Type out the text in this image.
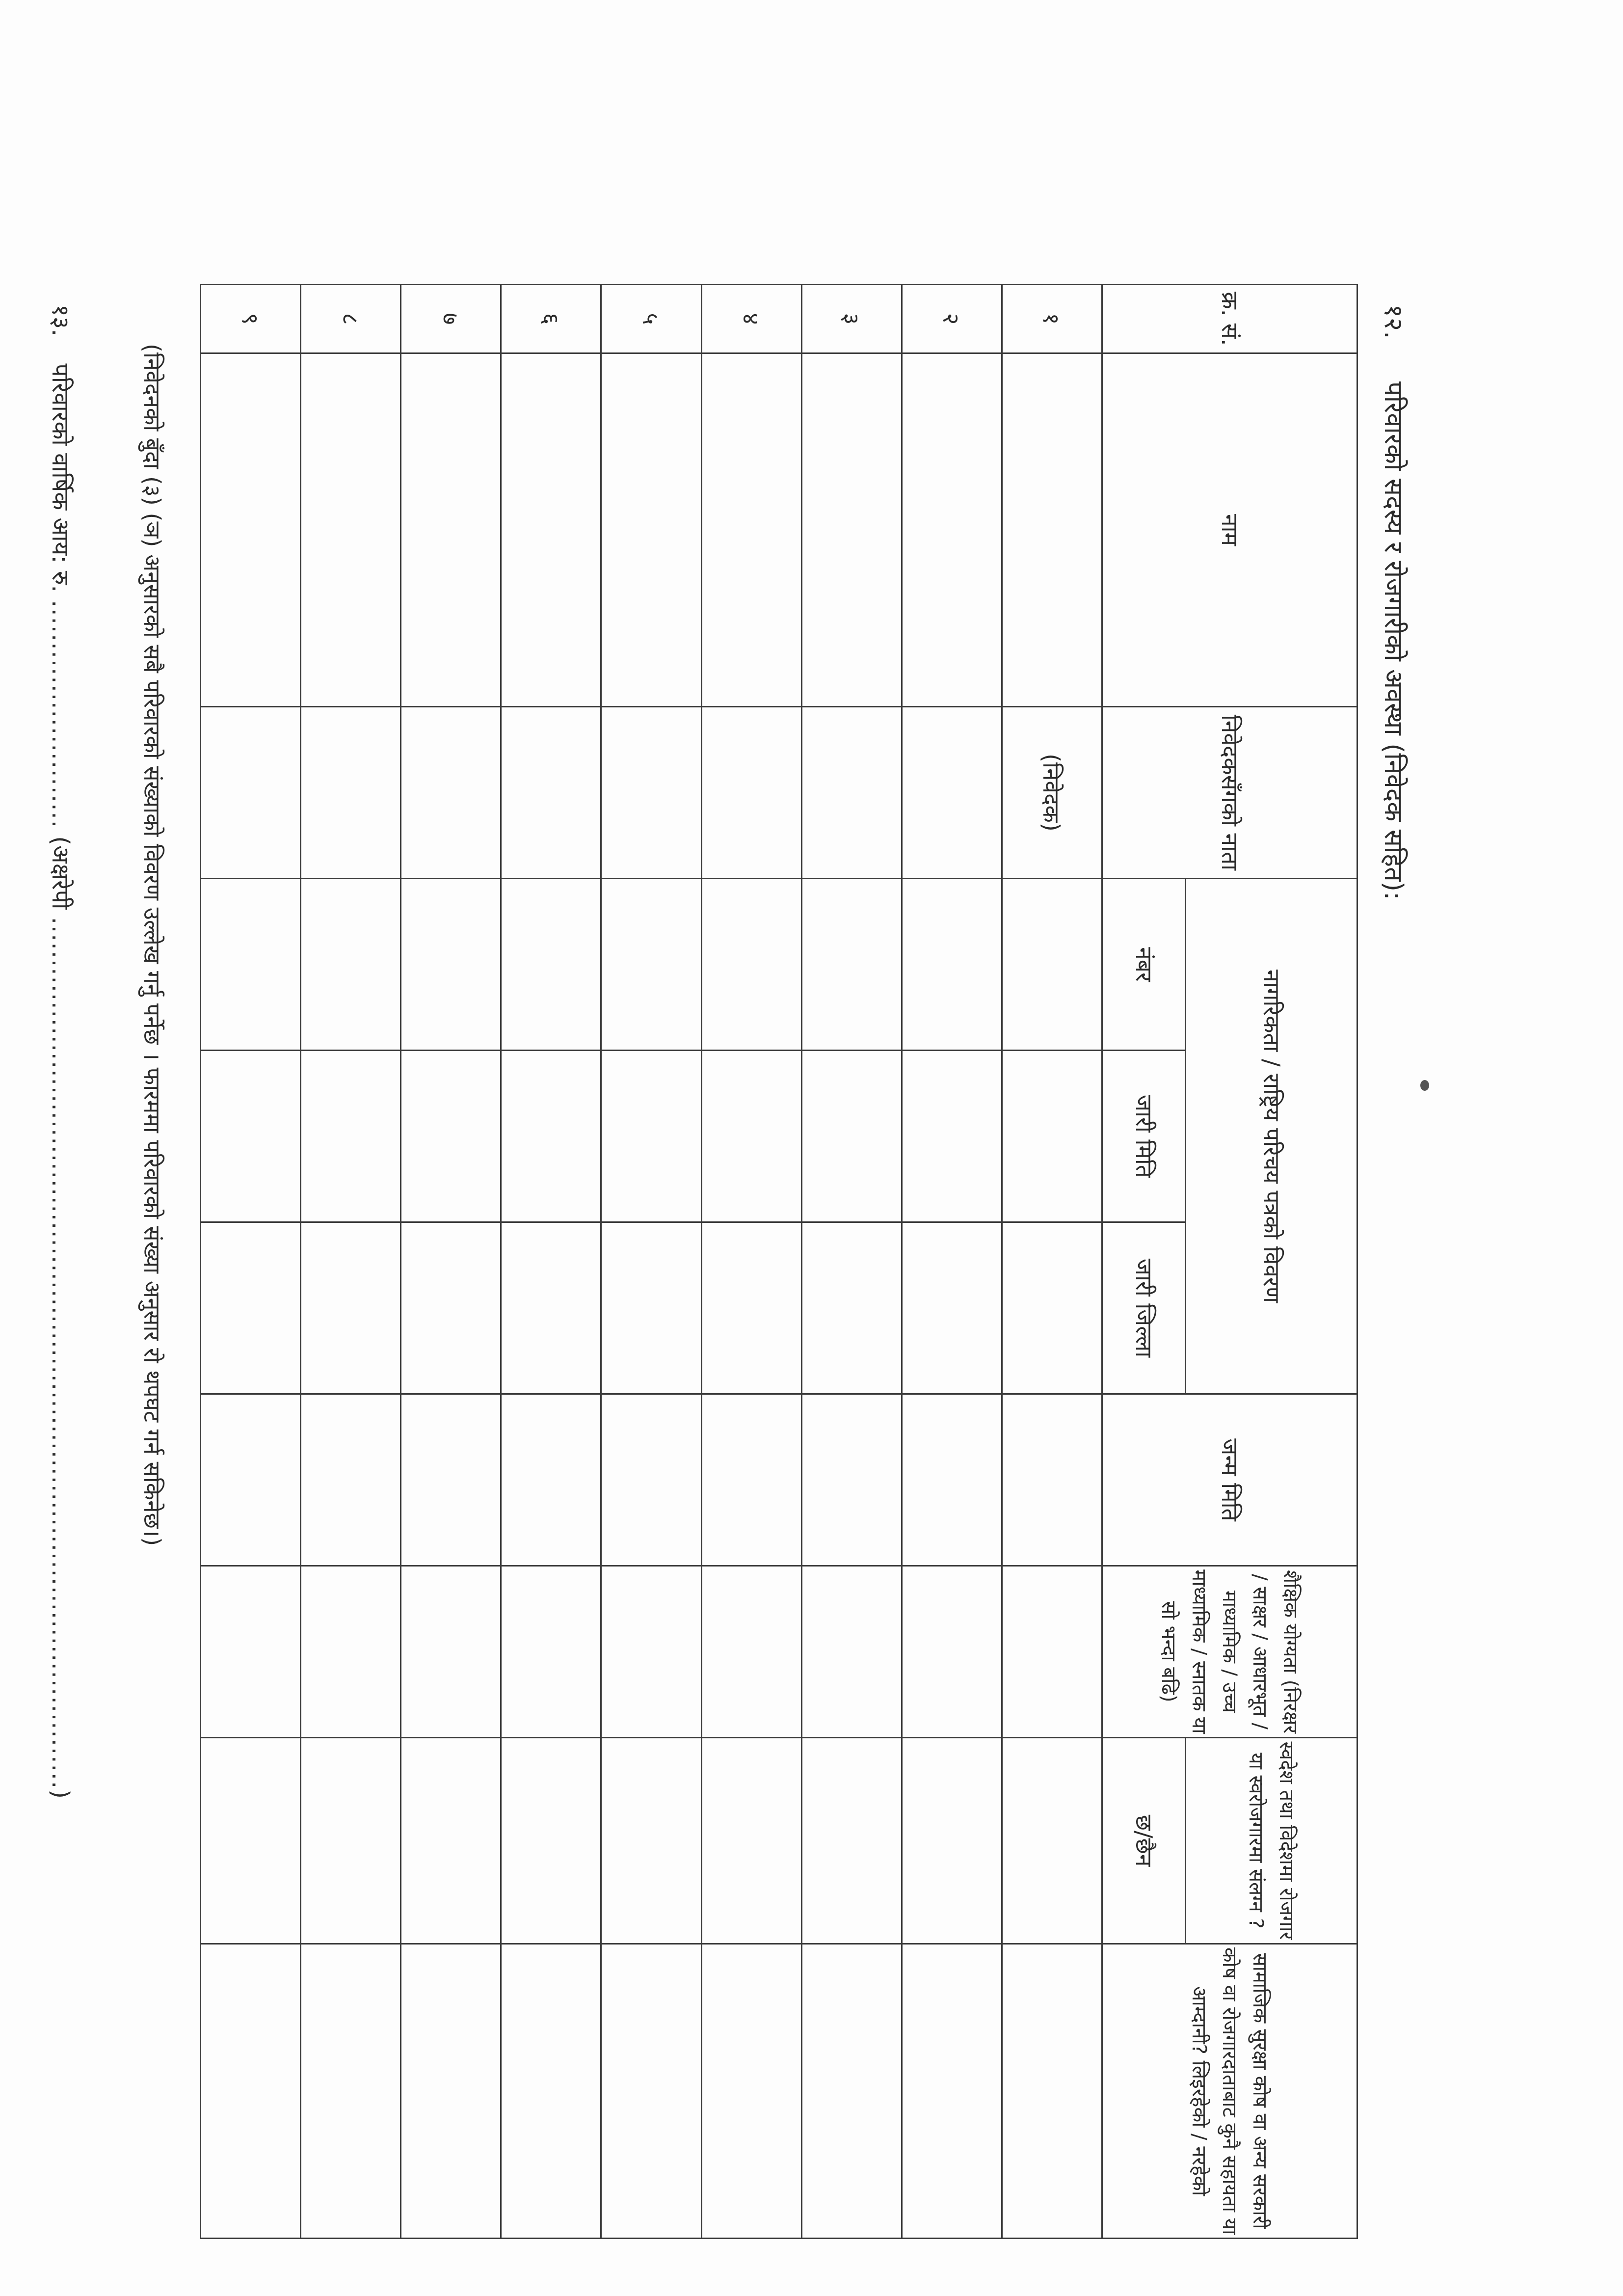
१२. परिवारको सदस्य र रोजगारीको अवस्था (निवेदक सहित):
क्र. सं.	नाम	निवेदकसँगको नाता	नागरिकता / राष्ट्रिय परिचय पत्रको विवरण			जन्म मिति	शैक्षिक योग्यता (निरक्षर / साक्षर / आधारभूत / माध्यामिक / उच्च माध्यामिक / स्नातक या सो भन्दा बढि)	स्वदेश तथा विदेशमा रोजगार या स्वरोजगारमा संलग्न ?	सामाजिक सुरक्षा कोष वा अन्य सरकारी कोष वा रोजगारदाताबाट कुनै सहायता या आम्दानी? लिइरहेको / नरहेको
			नंबर	जारी मिति	जारी जिल्ला			छ/छैन	
१		(निवेदक)							
२									
३									
४									
५									
६									
७									
८									
९									
(निवेदनको बुँदा (३) (ञ) अनुसारको सबै परिवारको संख्याको विवरण उल्लेख गर्नु पर्नेछ । फारममा परिवारको संख्या अनुसार रो थपघट गर्न सकिनेछ।)
१३. परिवारको वार्षिक आय: रु. ........................... (अक्षरेपी .......................................................................................................)
